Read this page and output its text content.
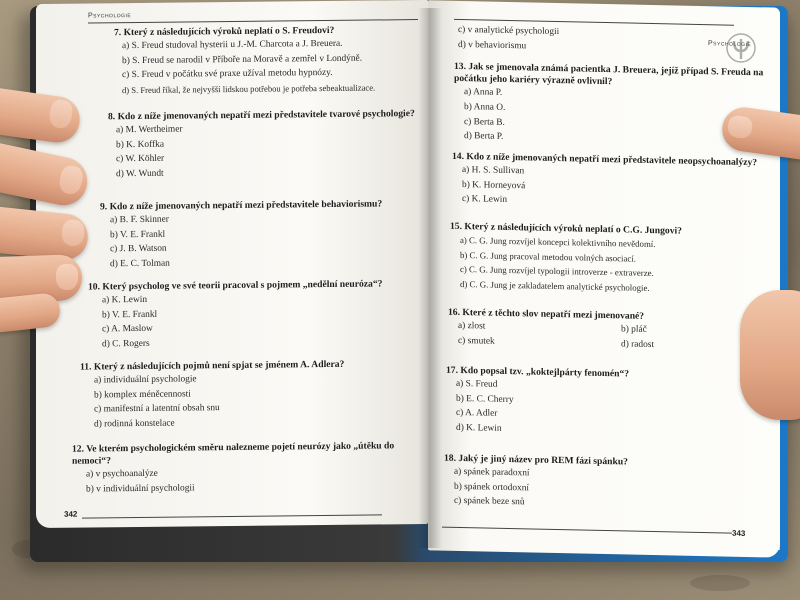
Psychologie
7. Který z následujících výroků neplatí o S. Freudovi?
a) S. Freud studoval hysterii u J.-M. Charcota a J. Breuera.
b) S. Freud se narodil v Příboře na Moravě a zemřel v Londýně.
c) S. Freud v počátku své praxe užíval metodu hypnózy.
d) S. Freud říkal, že nejvyšší lidskou potřebou je potřeba sebeaktualizace.
8. Kdo z níže jmenovaných nepatří mezi představitele tvarové psychologie?
a) M. Wertheimer
b) K. Koffka
c) W. Köhler
d) W. Wundt
9. Kdo z níže jmenovaných nepatří mezi představitele behaviorismu?
a) B. F. Skinner
b) V. E. Frankl
c) J. B. Watson
d) E. C. Tolman
10. Který psycholog ve své teorii pracoval s pojmem „nedělní neuróza“?
a) K. Lewin
b) V. E. Frankl
c) A. Maslow
d) C. Rogers
11. Který z následujících pojmů není spjat se jménem A. Adlera?
a) individuální psychologie
b) komplex méněcennosti
c) manifestní a latentní obsah snu
d) rodinná konstelace
12. Ve kterém psychologickém směru nalezneme pojetí neurózy jako „útěku do nemoci“?
a) v psychoanalýze
b) v individuální psychologii
342
Psychologie
c) v analytické psychologii
d) v behaviorismu
13. Jak se jmenovala známá pacientka J. Breuera, jejíž případ S. Freuda na počátku jeho kariéry výrazně ovlivnil?
a) Anna P.
b) Anna O.
c) Berta B.
d) Berta P.
14. Kdo z níže jmenovaných nepatří mezi představitele neopsychoanalýzy?
a) H. S. Sullivan
b) K. Horneyová
c) K. Lewin
15. Který z následujících výroků neplatí o C.G. Jungovi?
a) C. G. Jung rozvíjel koncepci kolektivního nevědomí.
b) C. G. Jung pracoval metodou volných asociací.
c) C. G. Jung rozvíjel typologii introverze - extraverze.
d) C. G. Jung je zakladatelem analytické psychologie.
16. Které z těchto slov nepatří mezi jmenované?
a) zlost	b) pláč
c) smutek	d) radost
17. Kdo popsal tzv. „koktejlpárty fenomén“?
a) S. Freud
b) E. C. Cherry
c) A. Adler
d) K. Lewin
18. Jaký je jiný název pro REM fázi spánku?
a) spánek paradoxní
b) spánek ortodoxní
c) spánek beze snů
343
